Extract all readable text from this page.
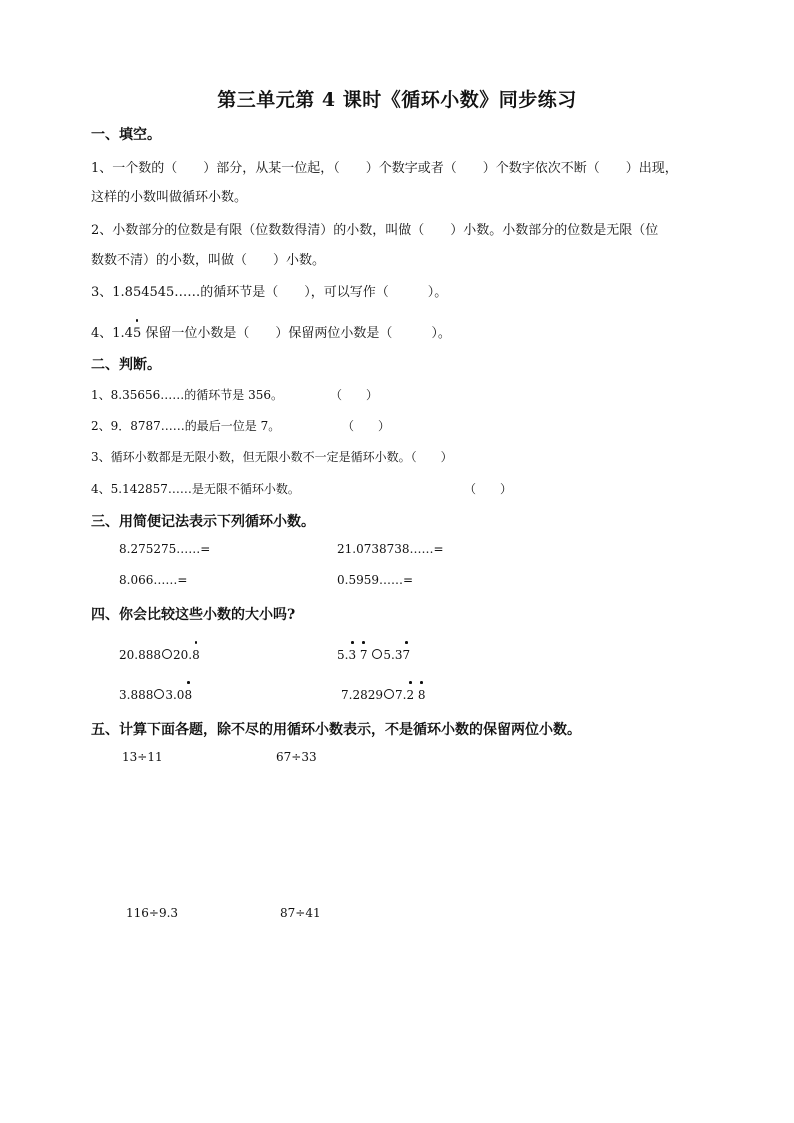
第三单元第 4 课时《循环小数》同步练习
一、填空。
1、一个数的（　　）部分，从某一位起，（　　）个数字或者（　　）个数字依次不断（　　）出现，
这样的小数叫做循环小数。
2、小数部分的位数是有限（位数数得清）的小数，叫做（　　）小数。小数部分的位数是无限（位
数数不清）的小数，叫做（　　）小数。
3、1.854545……的循环节是（　　），可以写作（　　　）。
4、1.45 保留一位小数是（　　）保留两位小数是（　　　）。
二、判断。
1、8.35656……的循环节是 356。	（　　）
2、9．8787……的最后一位是 7。	（　　）
3、循环小数都是无限小数，但无限小数不一定是循环小数。（　　）
4、5.142857……是无限不循环小数。	（　　）
三、用简便记法表示下列循环小数。
8.275275……=	21.0738738……=
8.066……=	0.5959……=
四、你会比较这些小数的大小吗?
20.888 20.8	5.3 7 5.37
3.888 3.08	7.2829 7.2 8
五、计算下面各题，除不尽的用循环小数表示，不是循环小数的保留两位小数。
13÷11	67÷33
116÷9.3	87÷41
